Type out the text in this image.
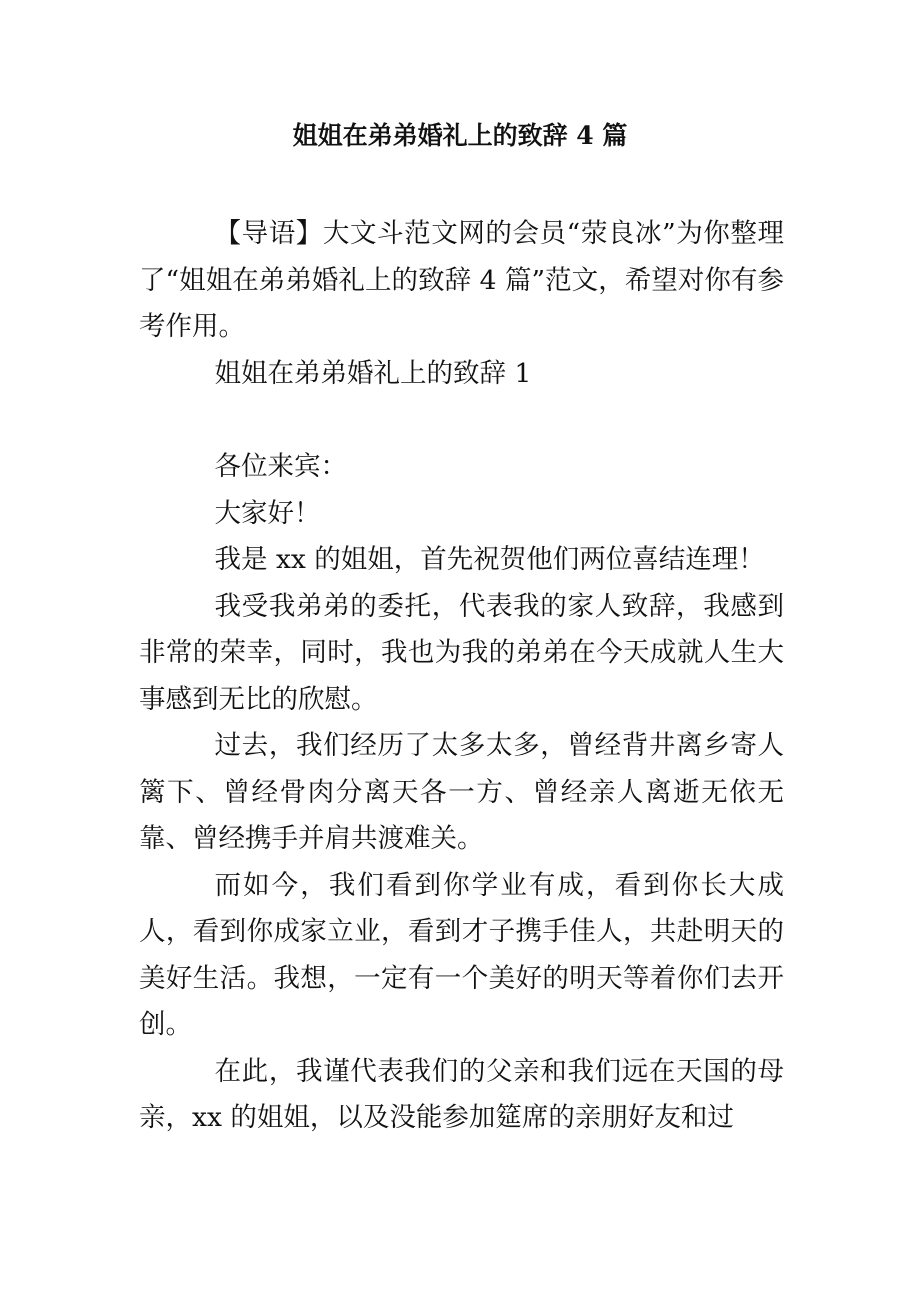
姐姐在弟弟婚礼上的致辞 4 篇

【导语】大文斗范文网的会员“荥良冰”为你整理了“姐姐在弟弟婚礼上的致辞 4 篇”范文，希望对你有参考作用。

姐姐在弟弟婚礼上的致辞 1

各位来宾：

大家好！

我是 xx 的姐姐，首先祝贺他们两位喜结连理！

我受我弟弟的委托，代表我的家人致辞，我感到非常的荣幸，同时，我也为我的弟弟在今天成就人生大事感到无比的欣慰。

过去，我们经历了太多太多，曾经背井离乡寄人篱下、曾经骨肉分离天各一方、曾经亲人离逝无依无靠、曾经携手并肩共渡难关。

而如今，我们看到你学业有成，看到你长大成人，看到你成家立业，看到才子携手佳人，共赴明天的美好生活。我想，一定有一个美好的明天等着你们去开创。

在此，我谨代表我们的父亲和我们远在天国的母亲，xx 的姐姐，以及没能参加筵席的亲朋好友和过
